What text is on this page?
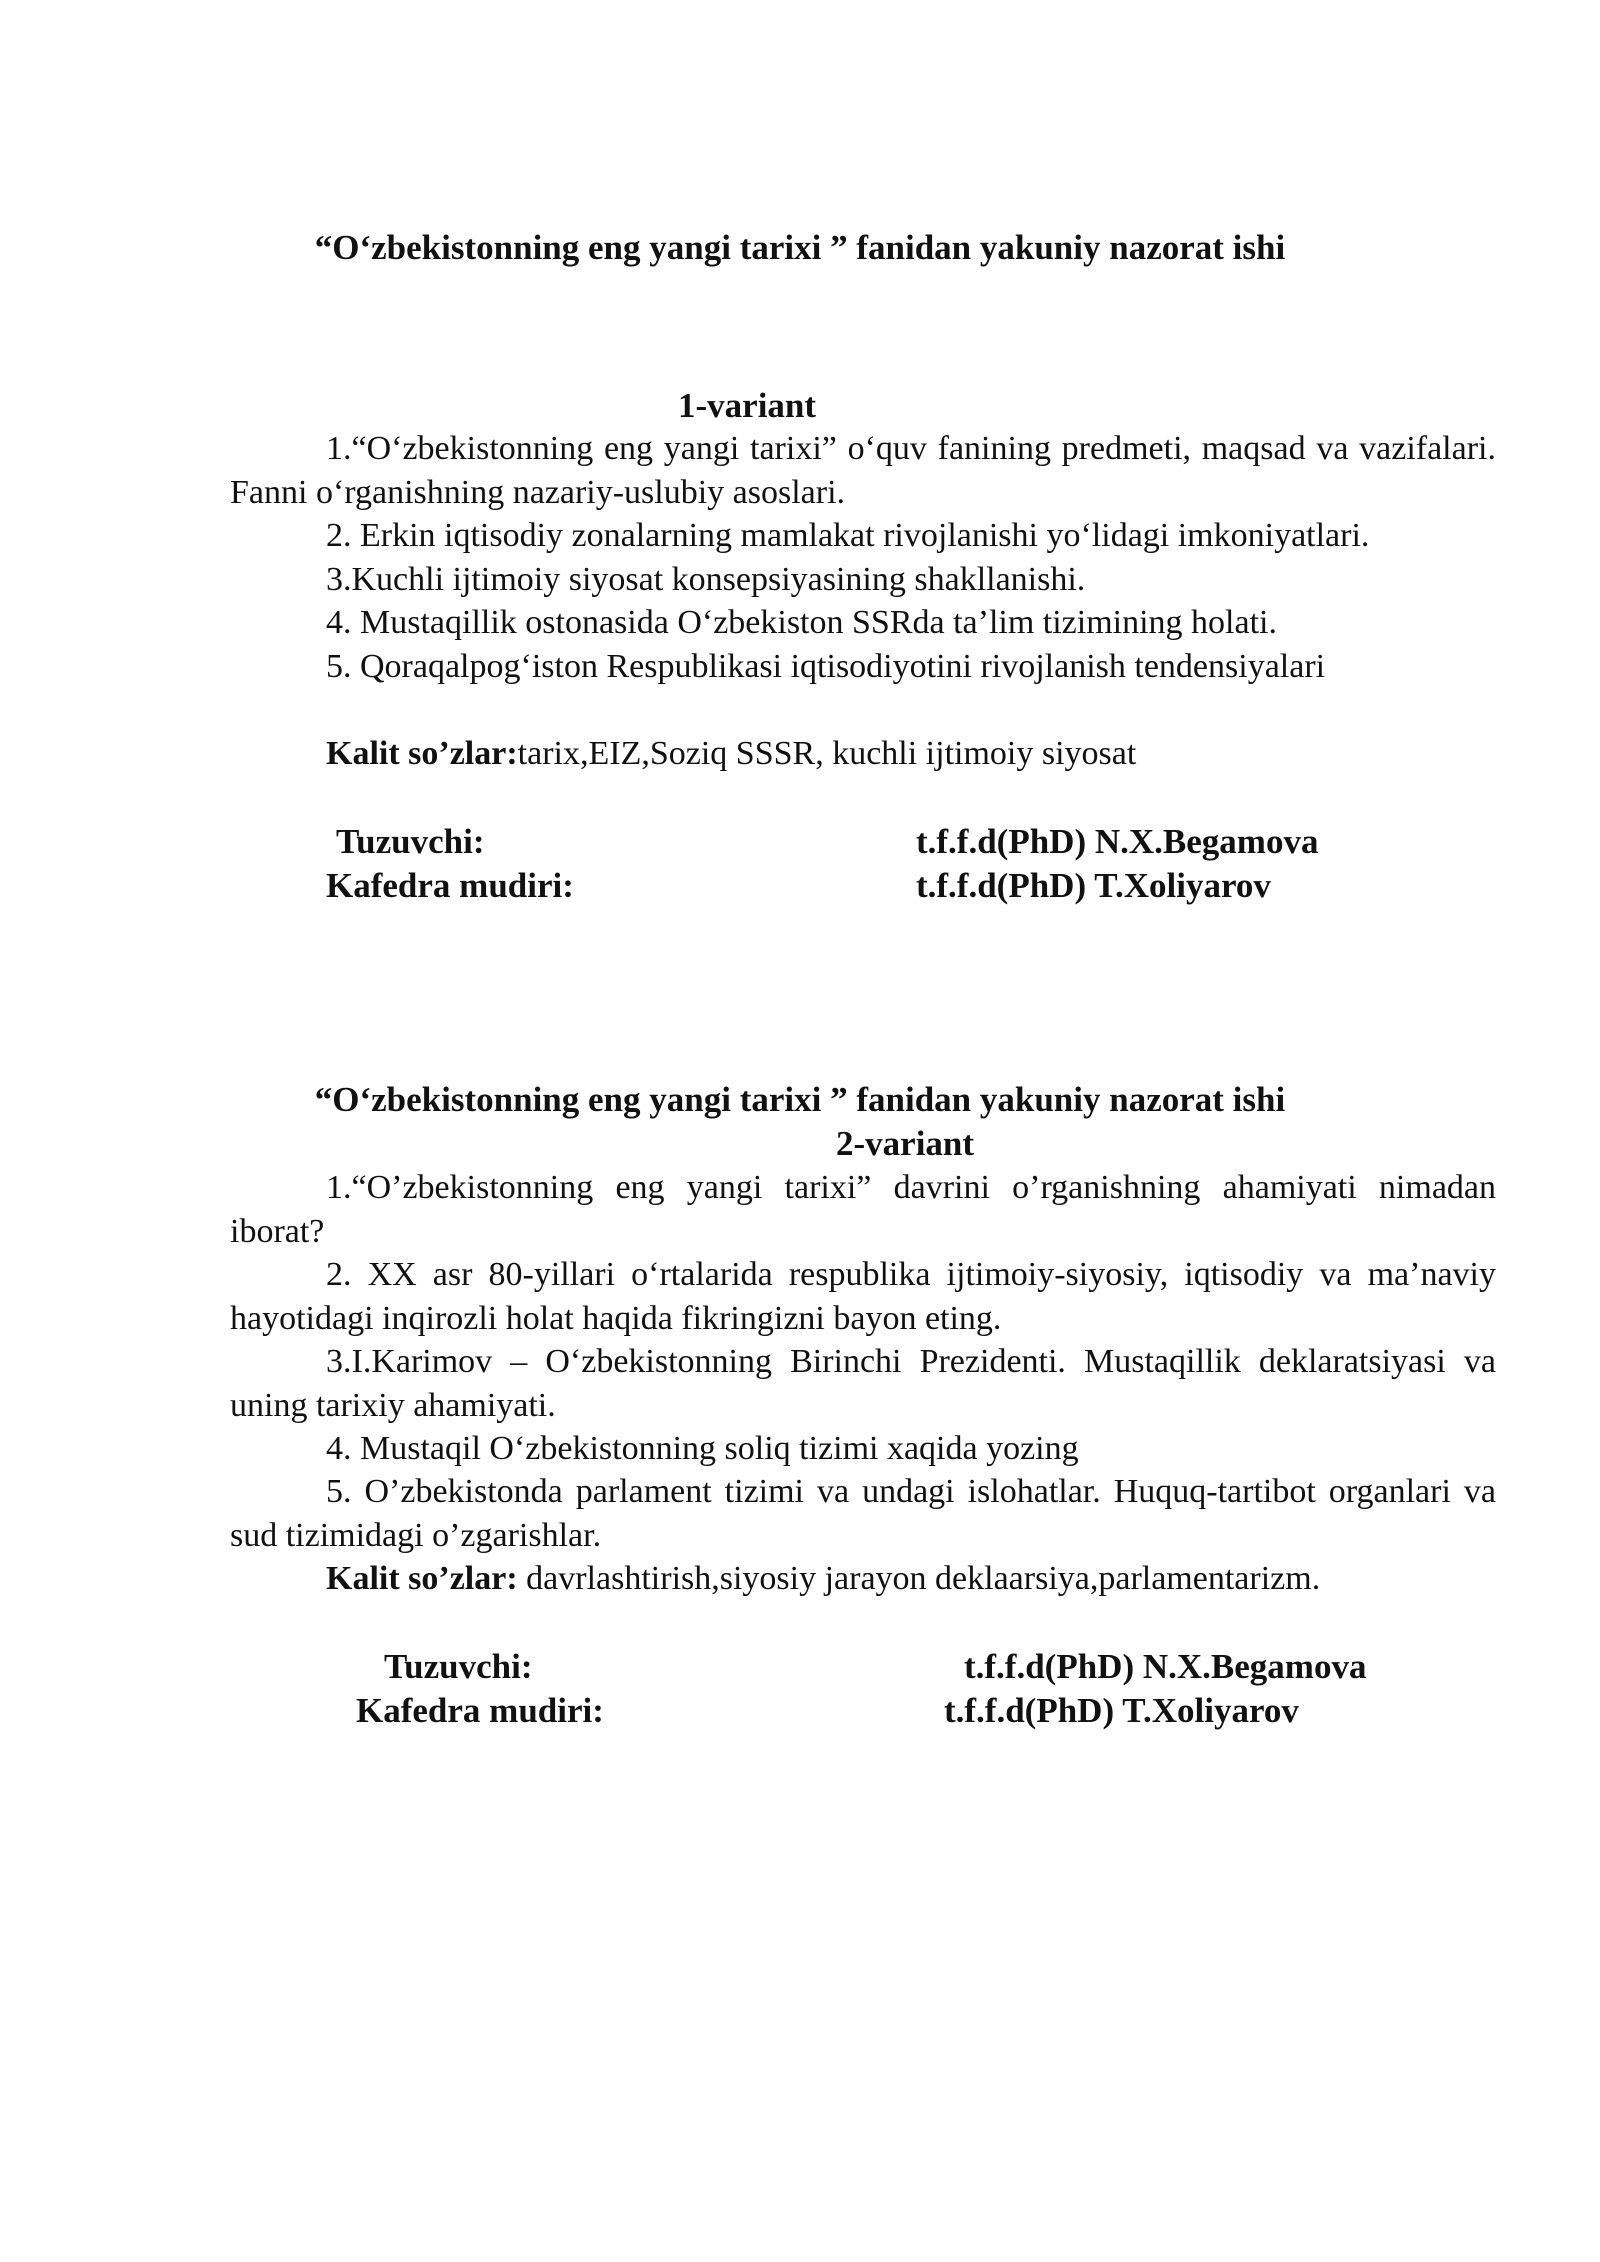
“O‘zbekistonning eng yangi tarixi ” fanidan yakuniy nazorat ishi
1-variant
1.“O‘zbekistonning eng yangi tarixi” o‘quv fanining predmeti, maqsad va vazifalari. Fanni o‘rganishning nazariy-uslubiy asoslari.
2. Erkin iqtisodiy zonalarning mamlakat rivojlanishi yo‘lidagi imkoniyatlari.
3.Kuchli ijtimoiy siyosat konsepsiyasining shakllanishi.
4. Mustaqillik ostonasida O‘zbekiston SSRda ta’lim tizimining holati.
5. Qoraqalpog‘iston Respublikasi iqtisodiyotini rivojlanish tendensiyalari
Kalit so’zlar:tarix,EIZ,Soziq SSSR, kuchli ijtimoiy siyosat
Tuzuvchi:	t.f.f.d(PhD) N.X.Begamova
Kafedra mudiri:	t.f.f.d(PhD) T.Xoliyarov
“O‘zbekistonning eng yangi tarixi ” fanidan yakuniy nazorat ishi
2-variant
1.“O’zbekistonning eng yangi tarixi” davrini o’rganishning ahamiyati nimadan iborat?
2. XX asr 80-yillari o‘rtalarida respublika ijtimoiy-siyosiy, iqtisodiy va ma’naviy hayotidagi inqirozli holat haqida fikringizni bayon eting.
3.I.Karimov – O‘zbekistonning Birinchi Prezidenti. Mustaqillik deklaratsiyasi va uning tarixiy ahamiyati.
4. Mustaqil O‘zbekistonning soliq tizimi xaqida yozing
5. O’zbekistonda parlament tizimi va undagi islohatlar. Huquq-tartibot organlari va sud tizimidagi o’zgarishlar.
Kalit so’zlar: davrlashtirish,siyosiy jarayon deklaarsiya,parlamentarizm.
Tuzuvchi:	t.f.f.d(PhD) N.X.Begamova
Kafedra mudiri:	t.f.f.d(PhD) T.Xoliyarov
